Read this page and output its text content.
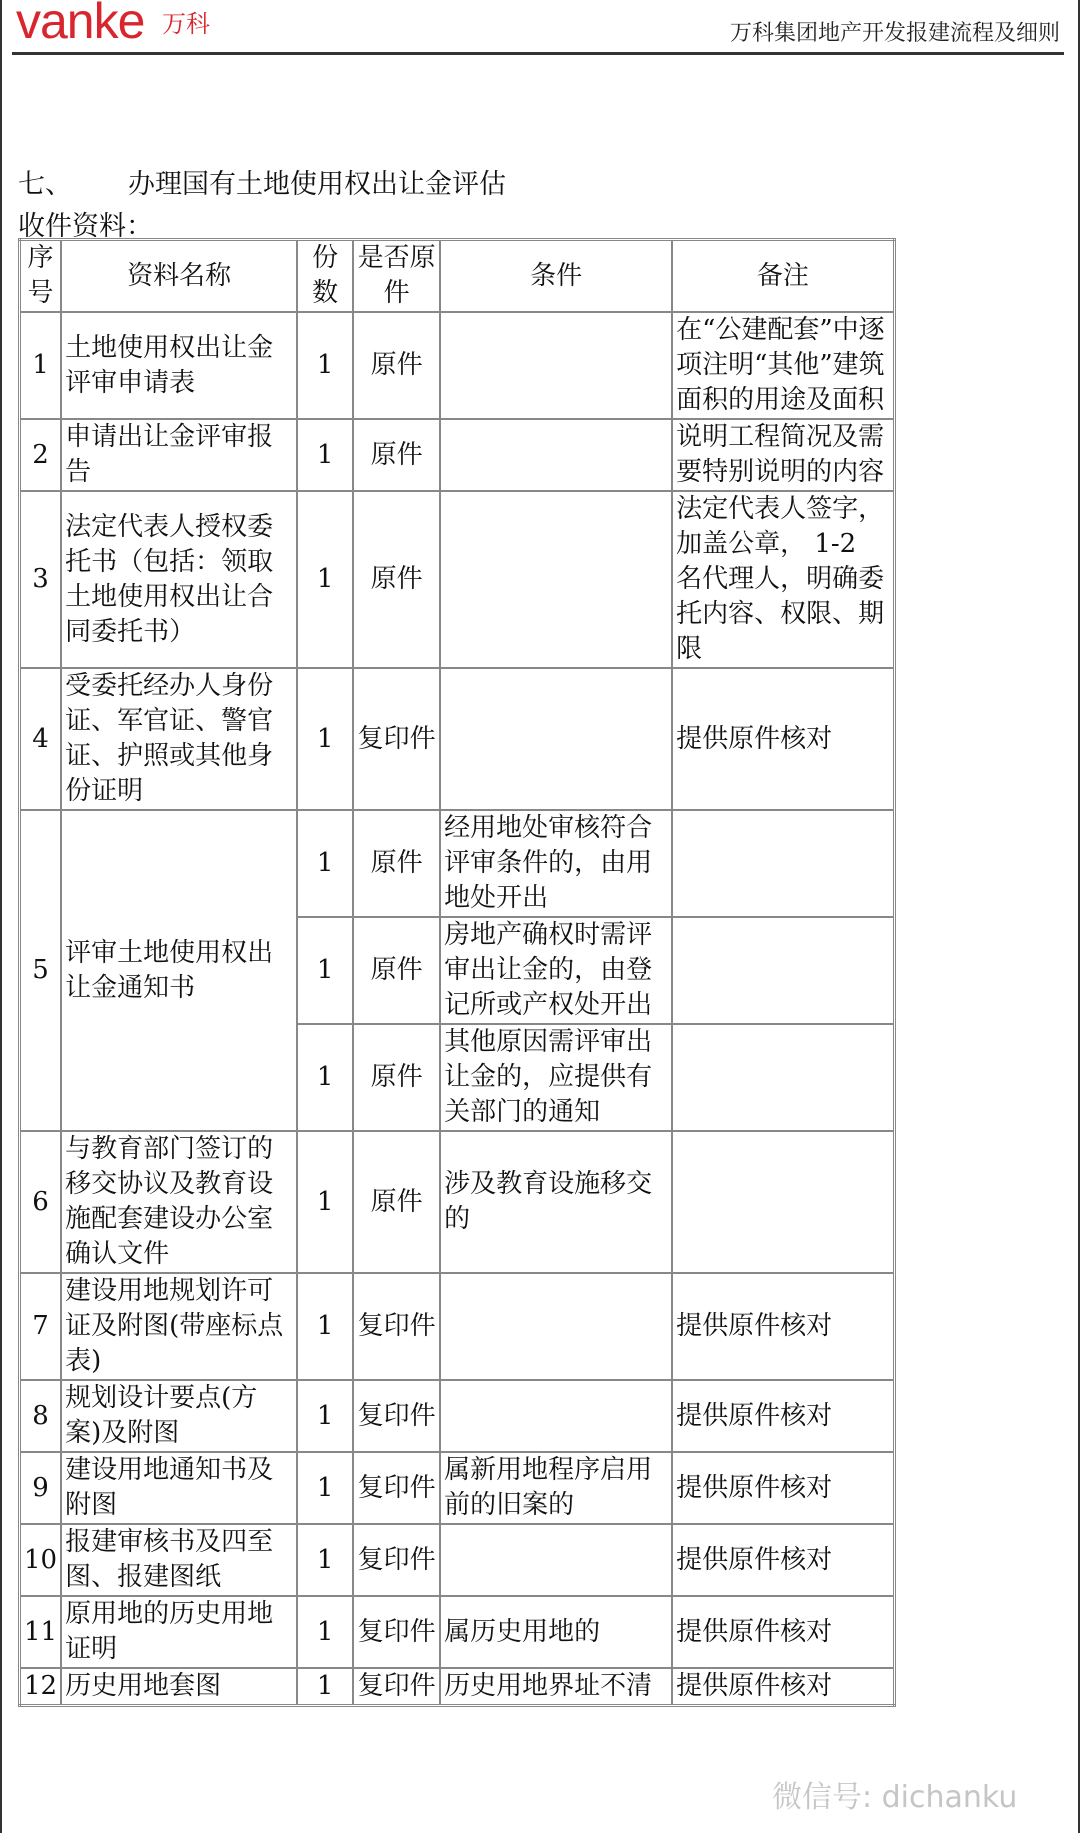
vanke 万科	万科集团地产开发报建流程及细则
七、 办理国有土地使用权出让金评估
收件资料：
序号	资料名称	份数	是否原件	条件	备注
1	土地使用权出让金评审申请表	1	原件		在“公建配套”中逐项注明“其他”建筑面积的用途及面积
2	申请出让金评审报告	1	原件		说明工程简况及需要特别说明的内容
3	法定代表人授权委托书（包括：领取土地使用权出让合同委托书）	1	原件		法定代表人签字，加盖公章， 1-2 名代理人，明确委托内容、权限、期限
4	受委托经办人身份证、军官证、警官证、护照或其他身份证明	1	复印件		提供原件核对
5	评审土地使用权出让金通知书	1	原件	经用地处审核符合评审条件的，由用地处开出	
		1	原件	房地产确权时需评审出让金的，由登记所或产权处开出	
		1	原件	其他原因需评审出让金的，应提供有关部门的通知	
6	与教育部门签订的移交协议及教育设施配套建设办公室确认文件	1	原件	涉及教育设施移交的	
7	建设用地规划许可证及附图(带座标点表)	1	复印件		提供原件核对
8	规划设计要点(方案)及附图	1	复印件		提供原件核对
9	建设用地通知书及附图	1	复印件	属新用地程序启用前的旧案的	提供原件核对
10	报建审核书及四至图、报建图纸	1	复印件		提供原件核对
11	原用地的历史用地证明	1	复印件	属历史用地的	提供原件核对
12	历史用地套图	1	复印件	历史用地界址不清	提供原件核对
微信号: dichanku
